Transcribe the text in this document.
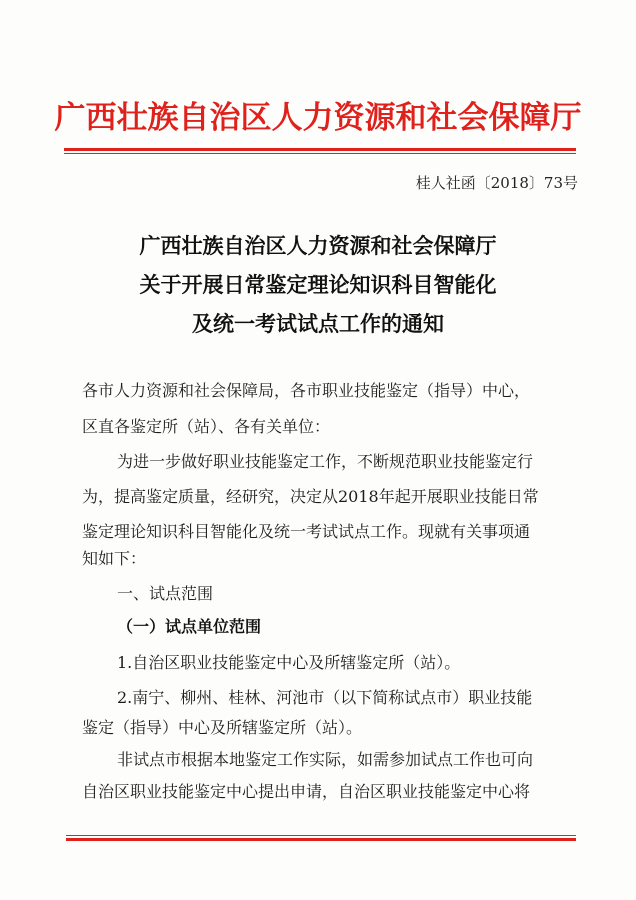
广西壮族自治区人力资源和社会保障厅
桂人社函〔2018〕73号
广西壮族自治区人力资源和社会保障厅
关于开展日常鉴定理论知识科目智能化
及统一考试试点工作的通知
各市人力资源和社会保障局，各市职业技能鉴定（指导）中心，
区直各鉴定所（站）、各有关单位：
为进一步做好职业技能鉴定工作，不断规范职业技能鉴定行
为，提高鉴定质量，经研究，决定从2018年起开展职业技能日常
鉴定理论知识科目智能化及统一考试试点工作。现就有关事项通
知如下：
一、试点范围
（一）试点单位范围
1.自治区职业技能鉴定中心及所辖鉴定所（站）。
2.南宁、柳州、桂林、河池市（以下简称试点市）职业技能
鉴定（指导）中心及所辖鉴定所（站）。
非试点市根据本地鉴定工作实际，如需参加试点工作也可向
自治区职业技能鉴定中心提出申请，自治区职业技能鉴定中心将
